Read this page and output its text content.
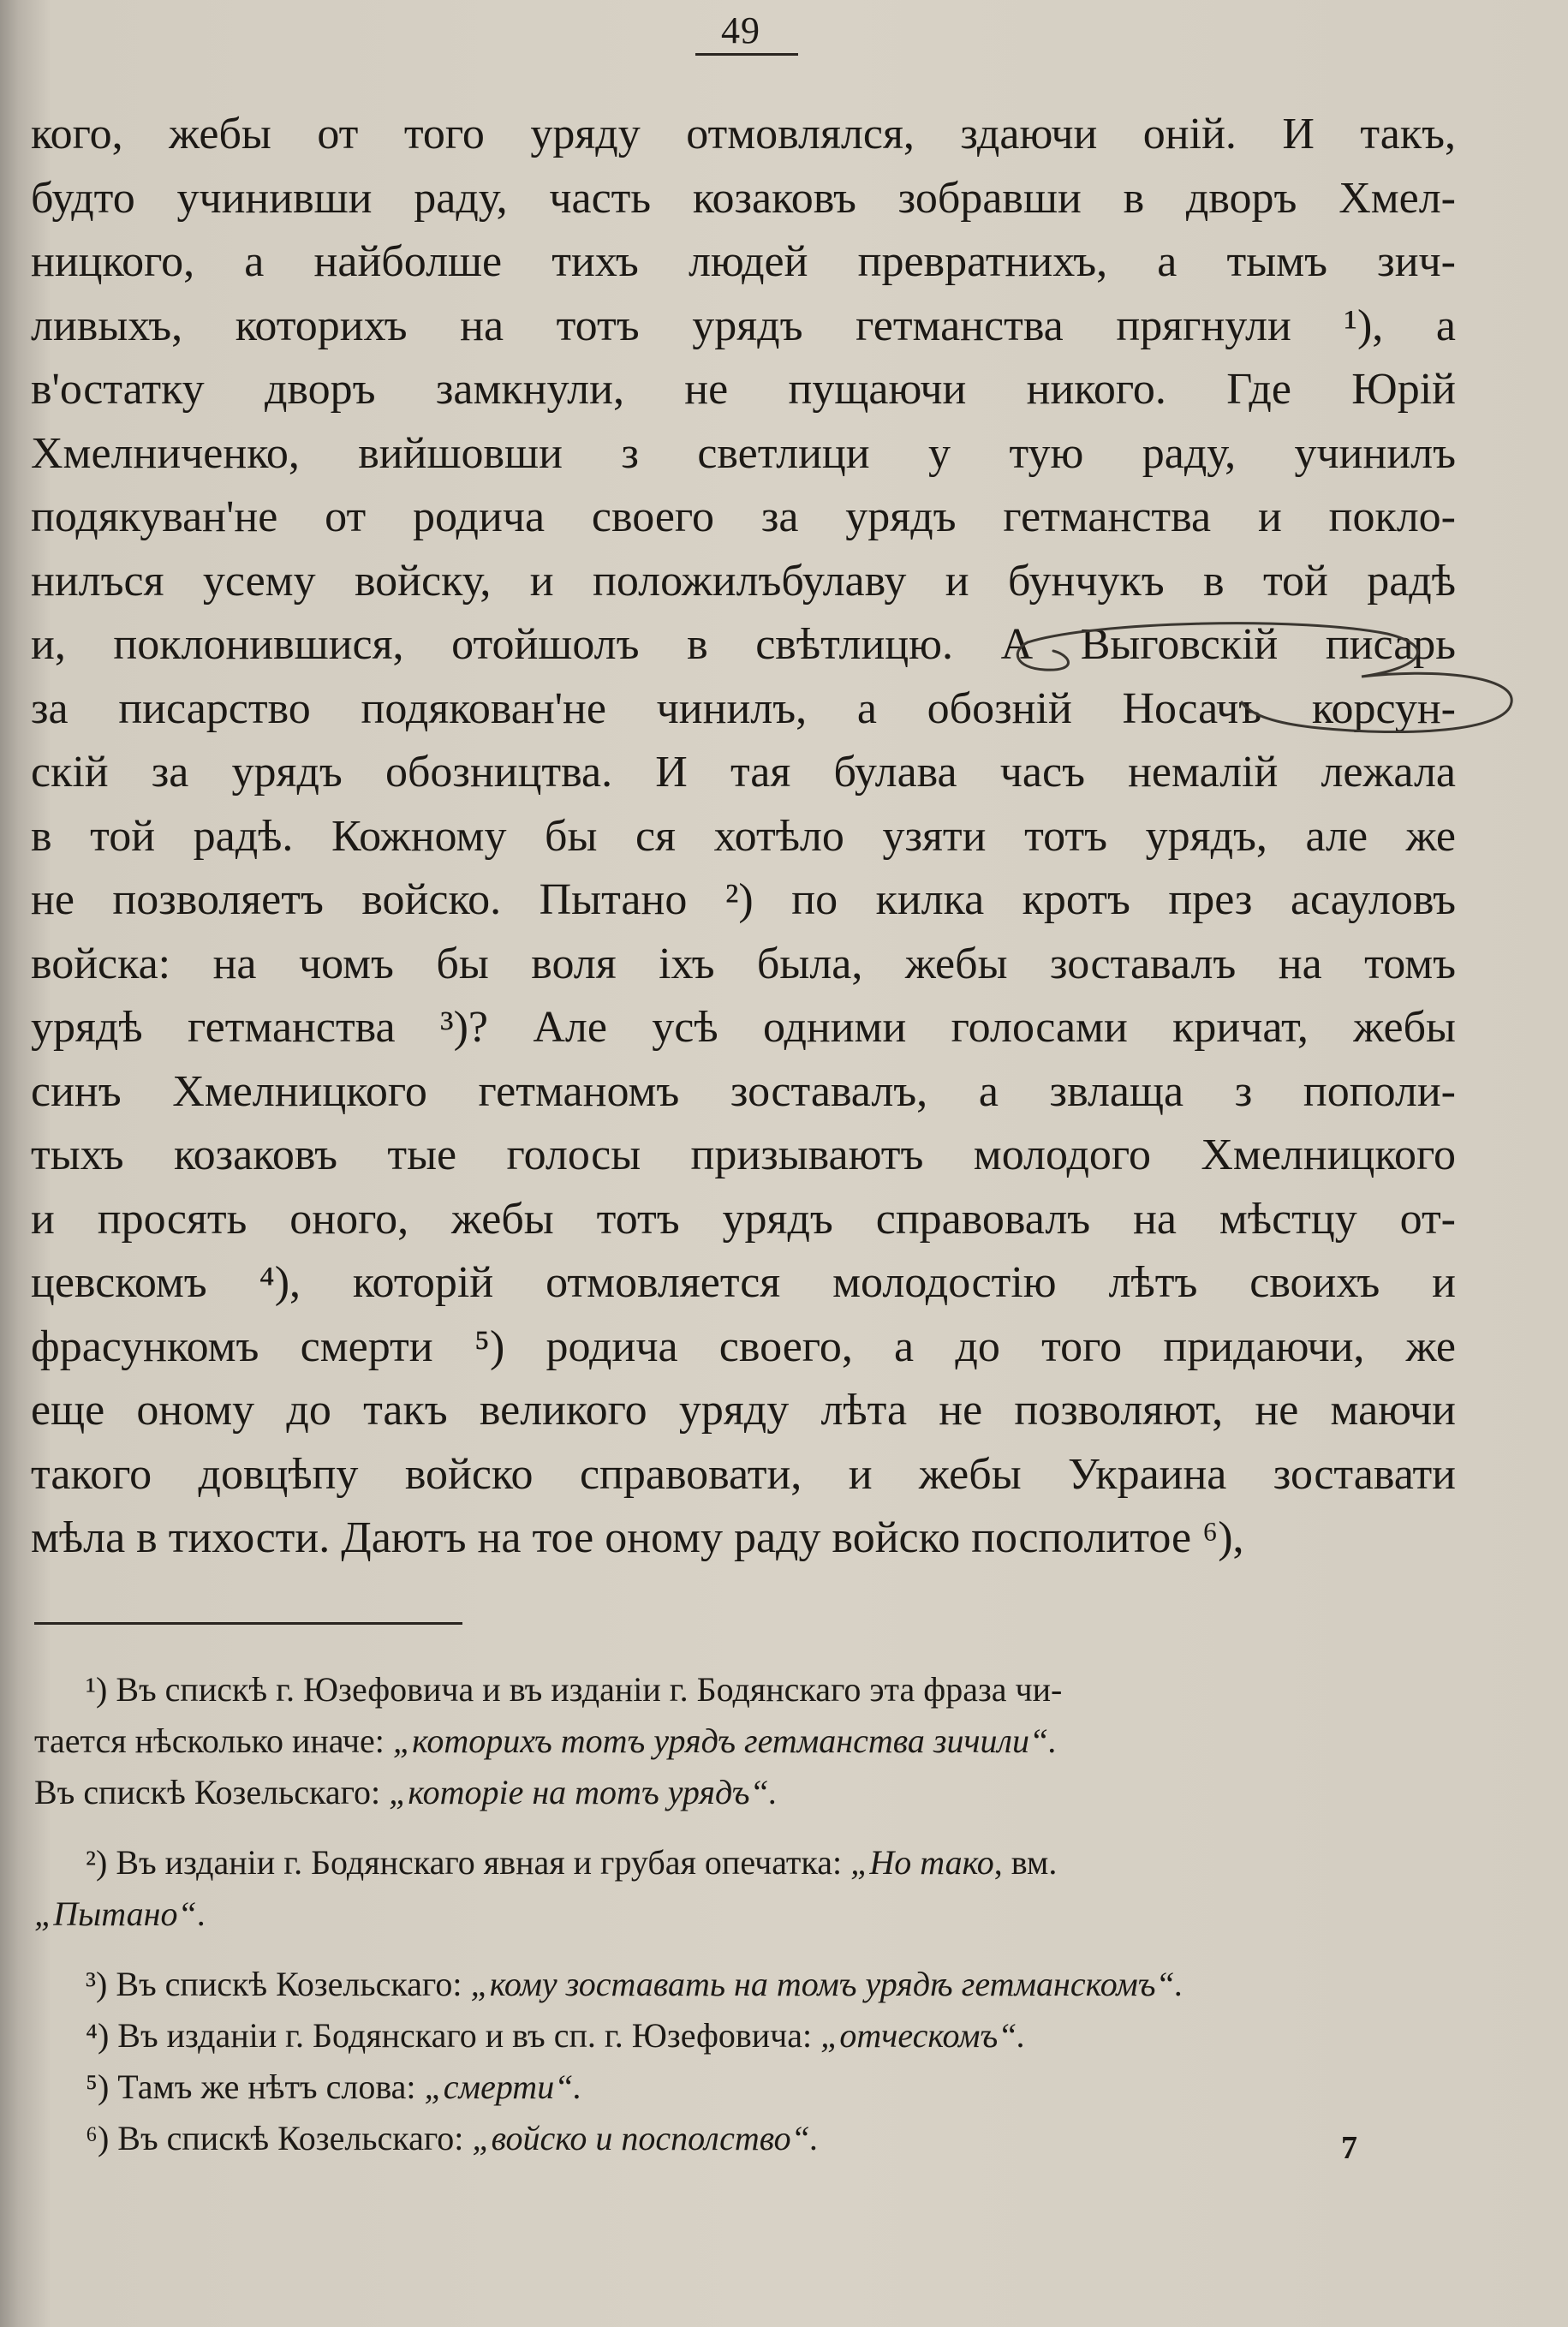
49
кого, жебы от того уряду отмовлялся, здаючи оній. И такъ,
будто учинивши раду, часть козаковъ зобравши в дворъ Хмел-
ницкого, а найболше тихъ людей превратнихъ, а тымъ зич-
ливыхъ, которихъ на тотъ урядъ гетманства прягнули ¹), а
в'остатку дворъ замкнули, не пущаючи никого. Где Юрій
Хмелниченко, вийшовши з светлици у тую раду, учинилъ
подякуван'не от родича своего за урядъ гетманства и покло-
нилъся усему войску, и положилъбулаву и бунчукъ в той радѣ
и, поклонившися, отойшолъ в свѣтлицю. А Выговскій писарь
за писарство подякован'не чинилъ, а обозній Носачъ корсун-
скій за урядъ обозництва. И тая булава часъ немалій лежала
в той радѣ. Кожному бы ся хотѣло узяти тотъ урядъ, але же
не позволяетъ войско. Пытано ²) по килка кротъ през асауловъ
войска: на чомъ бы воля іхъ была, жебы зоставалъ на томъ
урядѣ гетманства ³)? Але усѣ одними голосами кричат, жебы
синъ Хмелницкого гетманомъ зоставалъ, а звлаща з пополи-
тыхъ козаковъ тые голосы призываютъ молодого Хмелницкого
и просять оного, жебы тотъ урядъ справовалъ на мѣстцу от-
цевскомъ ⁴), которій отмовляется молодостію лѣтъ своихъ и
фрасункомъ смерти ⁵) родича своего, а до того придаючи, же
еще оному до такъ великого уряду лѣта не позволяют, не маючи
такого довцѣпу войско справовати, и жебы Украина зоставати
мѣла в тихости. Даютъ на тое оному раду войско посполитое ⁶),
¹) Въ спискѣ г. Юзефовича и въ изданіи г. Бодянскаго эта фраза чи-
тается нѣсколько иначе: „которихъ тотъ урядъ гетманства зичили“.
Въ спискѣ Козельскаго: „которіе на тотъ урядъ“.
²) Въ изданіи г. Бодянскаго явная и грубая опечатка: „Но тако, вм.
„Пытано“.
³) Въ спискѣ Козельскаго: „кому зоставать на томъ урядѣ гетманскомъ“.
⁴) Въ изданіи г. Бодянскаго и въ сп. г. Юзефовича: „отческомъ“.
⁵) Тамъ же нѣтъ слова: „смерти“.
⁶) Въ спискѣ Козельскаго: „войско и посполство“.	7
